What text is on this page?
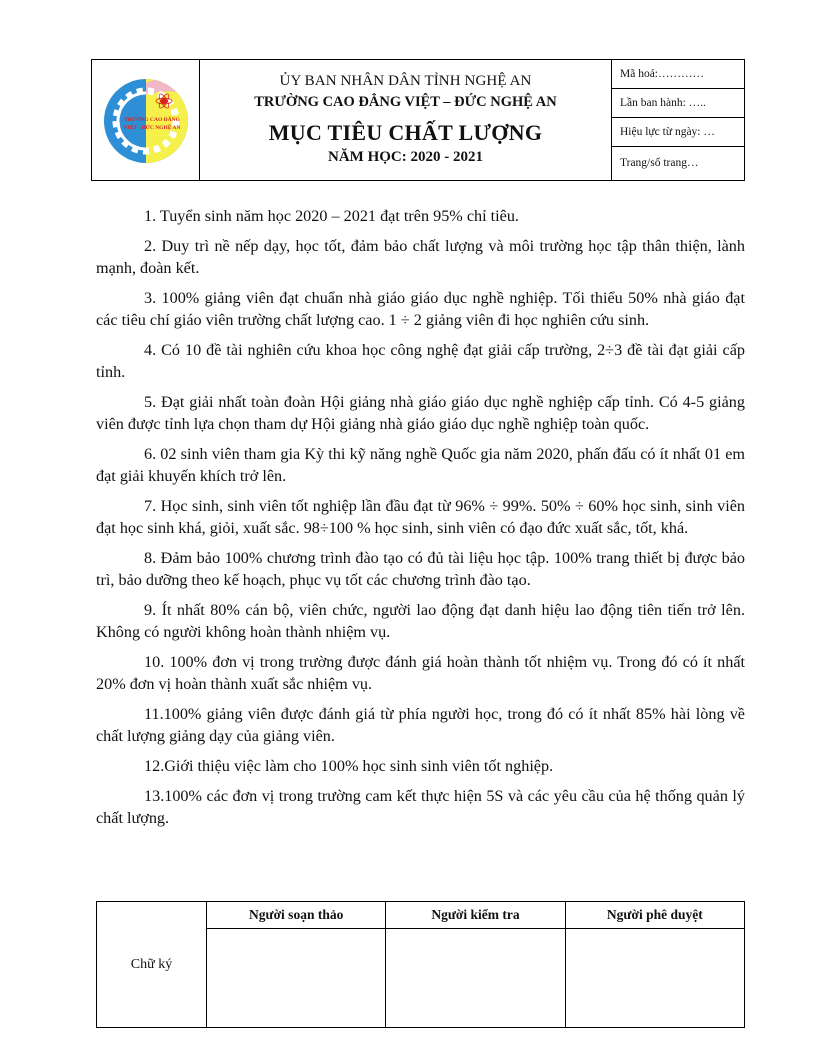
TRƯỜNG CAO ĐẲNG
VIỆT - ĐỨC NGHỆ AN
ỦY BAN NHÂN DÂN TỈNH NGHỆ AN
TRƯỜNG CAO ĐẲNG VIỆT – ĐỨC NGHỆ AN
MỤC TIÊU CHẤT LƯỢNG
NĂM HỌC: 2020 - 2021
Mã hoá:…………
Lần ban hành: …..
Hiệu lực từ ngày: …
Trang/số trang…

1. Tuyển sinh năm học 2020 – 2021 đạt trên 95% chỉ tiêu.

2. Duy trì nề nếp dạy, học tốt, đảm bảo chất lượng và môi trường học tập thân thiện, lành mạnh, đoàn kết.

3. 100% giảng viên đạt chuẩn nhà giáo giáo dục nghề nghiệp. Tối thiểu 50% nhà giáo đạt các tiêu chí giáo viên trường chất lượng cao. 1 ÷ 2 giảng viên đi học nghiên cứu sinh.

4. Có 10 đề tài nghiên cứu khoa học công nghệ đạt giải cấp trường, 2÷3 đề tài đạt giải cấp tỉnh.

5. Đạt giải nhất toàn đoàn Hội giảng nhà giáo giáo dục nghề nghiệp cấp tỉnh. Có 4-5 giảng viên được tỉnh lựa chọn tham dự Hội giảng nhà giáo giáo dục nghề nghiệp toàn quốc.

6. 02 sinh viên tham gia Kỳ thi kỹ năng nghề Quốc gia năm 2020, phấn đấu có ít nhất 01 em đạt giải khuyến khích trở lên.

7. Học sinh, sinh viên tốt nghiệp lần đầu đạt từ 96% ÷ 99%. 50% ÷ 60% học sinh, sinh viên đạt học sinh khá, giỏi, xuất sắc. 98÷100 % học sinh, sinh viên có đạo đức xuất sắc, tốt, khá.

8. Đảm bảo 100% chương trình đào tạo có đủ tài liệu học tập. 100% trang thiết bị được bảo trì, bảo dưỡng theo kế hoạch, phục vụ tốt các chương trình đào tạo.

9. Ít nhất 80% cán bộ, viên chức, người lao động đạt danh hiệu lao động tiên tiến trở lên. Không có người không hoàn thành nhiệm vụ.

10. 100% đơn vị trong trường được đánh giá hoàn thành tốt nhiệm vụ. Trong đó có ít nhất 20% đơn vị hoàn thành xuất sắc nhiệm vụ.

11.100% giảng viên được đánh giá từ phía người học, trong đó có ít nhất 85% hài lòng về chất lượng giảng dạy của giảng viên.

12.Giới thiệu việc làm cho 100% học sinh sinh viên tốt nghiệp.

13.100% các đơn vị trong trường cam kết thực hiện 5S và các yêu cầu của hệ thống quản lý chất lượng.

Chữ ký	Người soạn thảo	Người kiểm tra	Người phê duyệt
